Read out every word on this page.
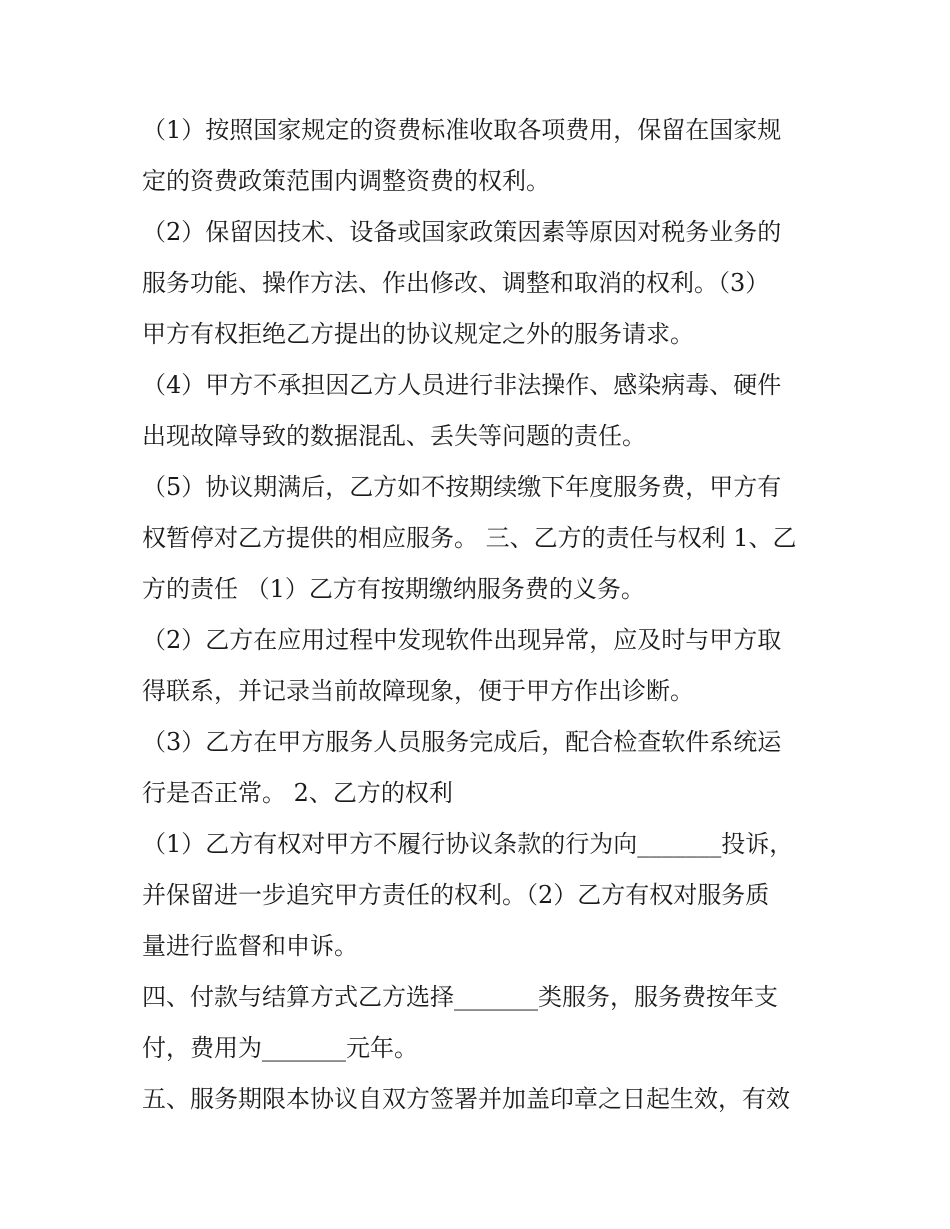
（1）按照国家规定的资费标准收取各项费用，保留在国家规
定的资费政策范围内调整资费的权利。
（2）保留因技术、设备或国家政策因素等原因对税务业务的
服务功能、操作方法、作出修改、调整和取消的权利。（3）
甲方有权拒绝乙方提出的协议规定之外的服务请求。
（4）甲方不承担因乙方人员进行非法操作、感染病毒、硬件
出现故障导致的数据混乱、丢失等问题的责任。
（5）协议期满后，乙方如不按期续缴下年度服务费，甲方有
权暂停对乙方提供的相应服务。 三、乙方的责任与权利 1、乙
方的责任 （1）乙方有按期缴纳服务费的义务。
（2）乙方在应用过程中发现软件出现异常，应及时与甲方取
得联系，并记录当前故障现象，便于甲方作出诊断。
（3）乙方在甲方服务人员服务完成后，配合检查软件系统运
行是否正常。 2、乙方的权利
（1）乙方有权对甲方不履行协议条款的行为向_______投诉，
并保留进一步追究甲方责任的权利。（2）乙方有权对服务质
量进行监督和申诉。
四、付款与结算方式乙方选择_______类服务，服务费按年支
付，费用为_______元年。
五、服务期限本协议自双方签署并加盖印章之日起生效，有效
